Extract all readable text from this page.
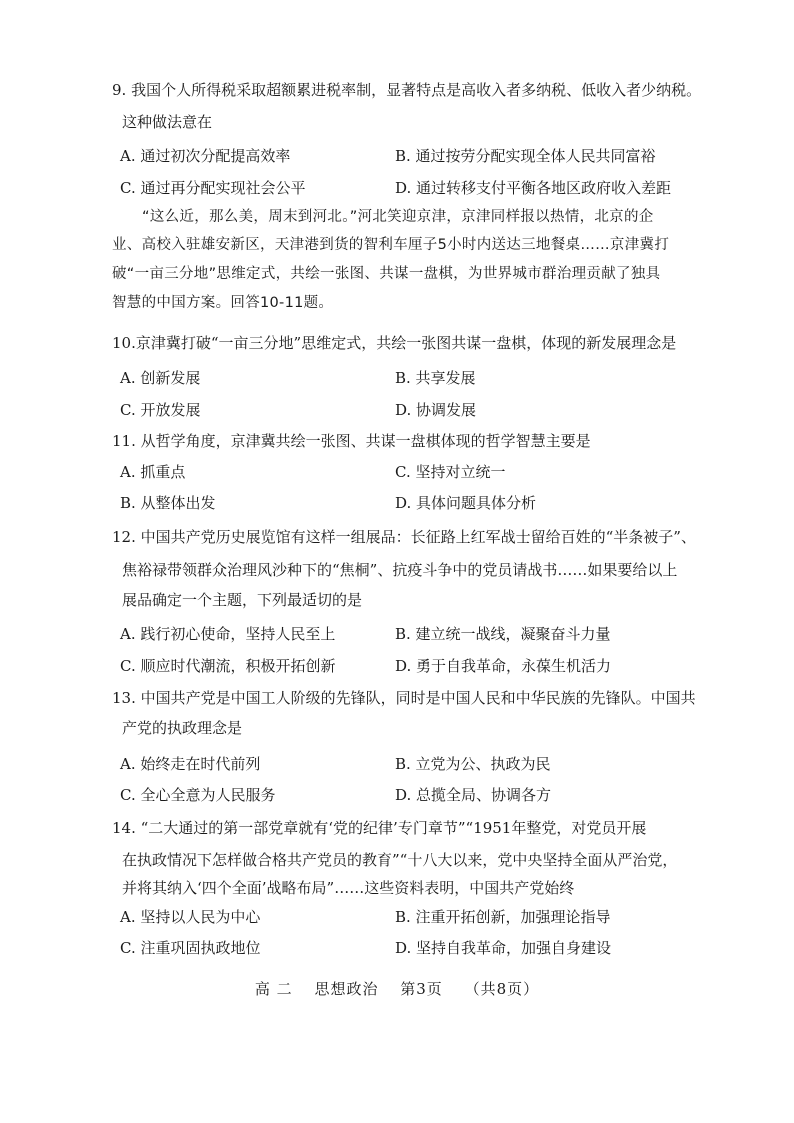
9. 我国个人所得税采取超额累进税率制，显著特点是高收入者多纳税、低收入者少纳税。
这种做法意在
A. 通过初次分配提高效率	B. 通过按劳分配实现全体人民共同富裕
C. 通过再分配实现社会公平	D. 通过转移支付平衡各地区政府收入差距
“这么近，那么美，周末到河北。”河北笑迎京津，京津同样报以热情，北京的企
业、高校入驻雄安新区，天津港到货的智利车厘子5小时内送达三地餐桌……京津冀打
破“一亩三分地”思维定式，共绘一张图、共谋一盘棋，为世界城市群治理贡献了独具
智慧的中国方案。回答10-11题。
10.京津冀打破“一亩三分地”思维定式，共绘一张图共谋一盘棋，体现的新发展理念是
A. 创新发展	B. 共享发展
C. 开放发展	D. 协调发展
11. 从哲学角度，京津冀共绘一张图、共谋一盘棋体现的哲学智慧主要是
A. 抓重点	C. 坚持对立统一
B. 从整体出发	D. 具体问题具体分析
12. 中国共产党历史展览馆有这样一组展品：长征路上红军战士留给百姓的“半条被子”、
焦裕禄带领群众治理风沙种下的“焦桐”、抗疫斗争中的党员请战书……如果要给以上
展品确定一个主题，下列最适切的是
A. 践行初心使命，坚持人民至上	B. 建立统一战线，凝聚奋斗力量
C. 顺应时代潮流，积极开拓创新	D. 勇于自我革命，永葆生机活力
13. 中国共产党是中国工人阶级的先锋队，同时是中国人民和中华民族的先锋队。中国共
产党的执政理念是
A. 始终走在时代前列	B. 立党为公、执政为民
C. 全心全意为人民服务	D. 总揽全局、协调各方
14. “二大通过的第一部党章就有‘党的纪律’专门章节”“1951年整党，对党员开展
在执政情况下怎样做合格共产党员的教育”“十八大以来，党中央坚持全面从严治党，
并将其纳入‘四个全面’战略布局”……这些资料表明，中国共产党始终
A. 坚持以人民为中心	B. 注重开拓创新，加强理论指导
C. 注重巩固执政地位	D. 坚持自我革命，加强自身建设
高 二 思想政治 第3页 （共8页）
